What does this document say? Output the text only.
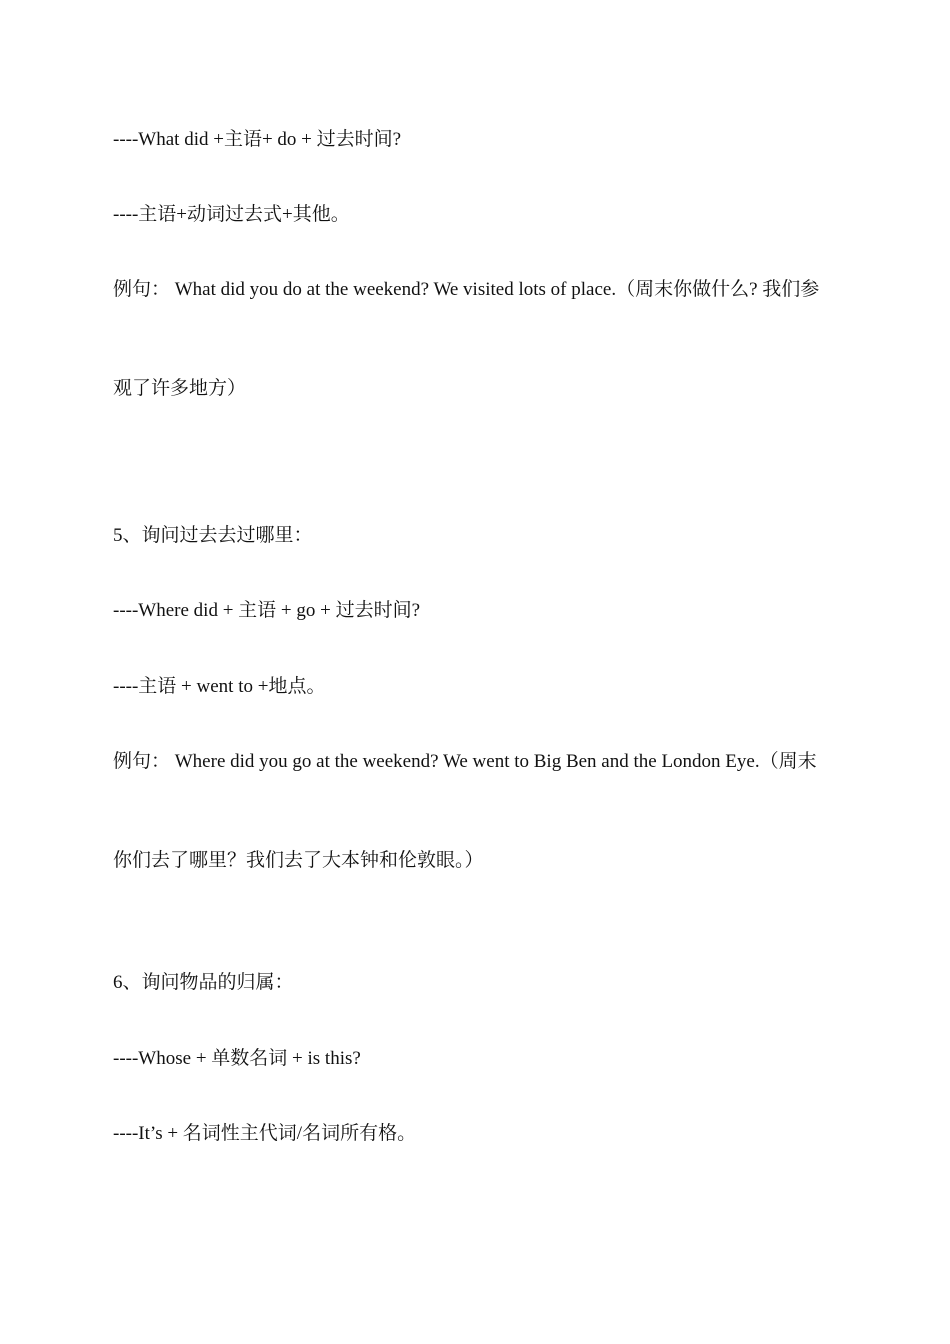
----What did +主语+ do + 过去时间?
----主语+动词过去式+其他。
例句： What did you do at the weekend? We visited lots of place.（周末你做什么? 我们参
观了许多地方）
5、询问过去去过哪里：
----Where did + 主语 + go + 过去时间?
----主语 + went to +地点。
例句： Where did you go at the weekend? We went to Big Ben and the London Eye.（周末
你们去了哪里？我们去了大本钟和伦敦眼。）
6、询问物品的归属：
----Whose + 单数名词 + is this?
----It’s + 名词性主代词/名词所有格。
